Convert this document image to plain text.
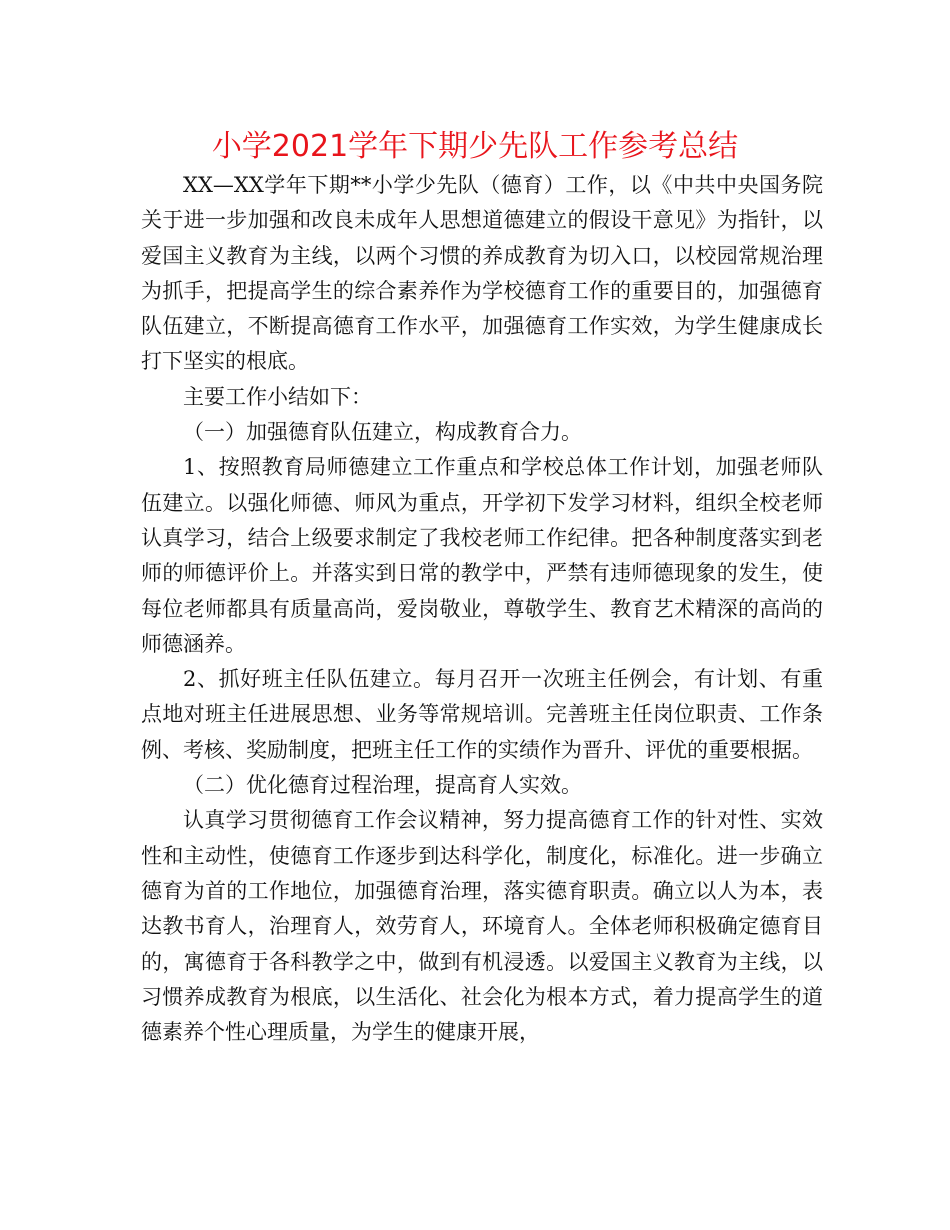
小学2021学年下期少先队工作参考总结

XX—XX学年下期**小学少先队（德育）工作，以《中共中央国务院关于进一步加强和改良未成年人思想道德建立的假设干意见》为指针，以爱国主义教育为主线，以两个习惯的养成教育为切入口，以校园常规治理为抓手，把提高学生的综合素养作为学校德育工作的重要目的，加强德育队伍建立，不断提高德育工作水平，加强德育工作实效，为学生健康成长打下坚实的根底。

主要工作小结如下：

（一）加强德育队伍建立，构成教育合力。

1、按照教育局师德建立工作重点和学校总体工作计划，加强老师队伍建立。以强化师德、师风为重点，开学初下发学习材料，组织全校老师认真学习，结合上级要求制定了我校老师工作纪律。把各种制度落实到老师的师德评价上。并落实到日常的教学中，严禁有违师德现象的发生，使每位老师都具有质量高尚，爱岗敬业，尊敬学生、教育艺术精深的高尚的师德涵养。

2、抓好班主任队伍建立。每月召开一次班主任例会，有计划、有重点地对班主任进展思想、业务等常规培训。完善班主任岗位职责、工作条例、考核、奖励制度，把班主任工作的实绩作为晋升、评优的重要根据。

（二）优化德育过程治理，提高育人实效。

认真学习贯彻德育工作会议精神，努力提高德育工作的针对性、实效性和主动性，使德育工作逐步到达科学化，制度化，标准化。进一步确立德育为首的工作地位，加强德育治理，落实德育职责。确立以人为本，表达教书育人，治理育人，效劳育人，环境育人。全体老师积极确定德育目的，寓德育于各科教学之中，做到有机浸透。以爱国主义教育为主线，以习惯养成教育为根底，以生活化、社会化为根本方式，着力提高学生的道德素养个性心理质量，为学生的健康开展，
